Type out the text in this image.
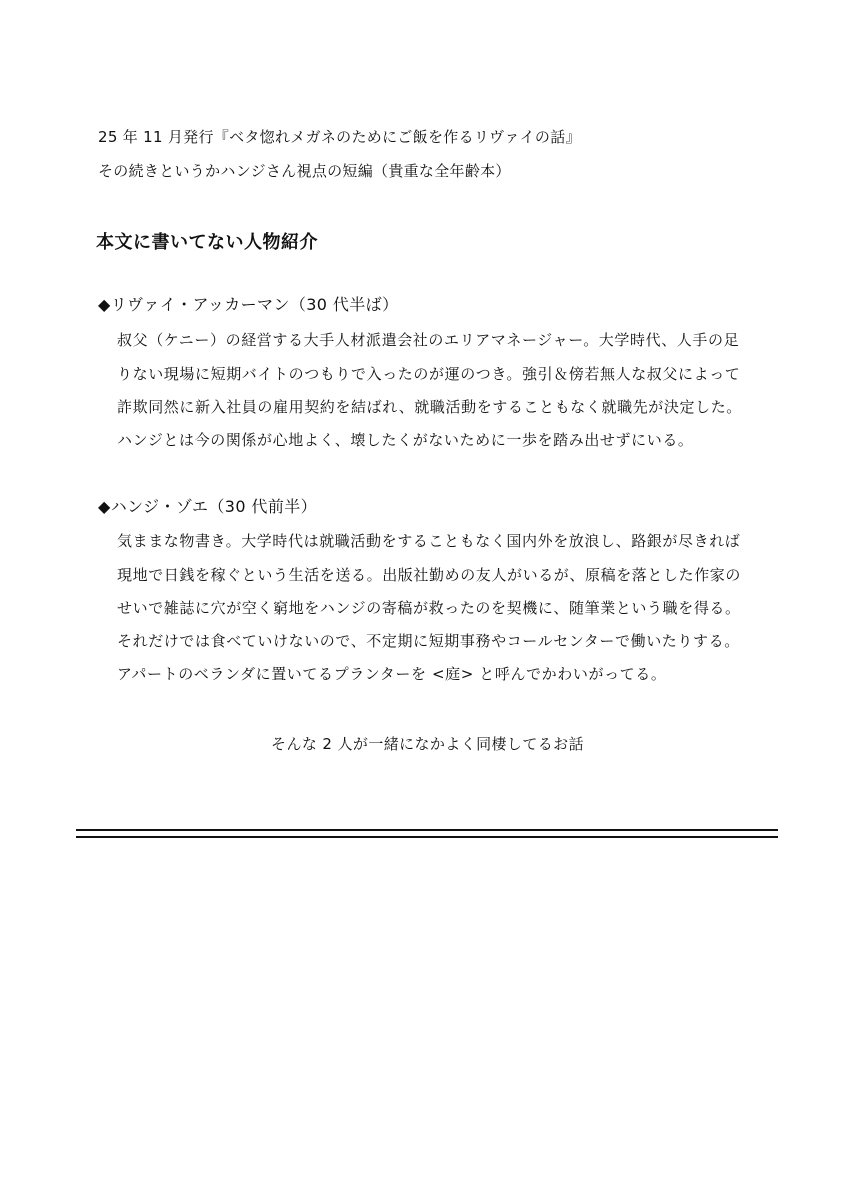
25 年 11 月発行『ベタ惚れメガネのためにご飯を作るリヴァイの話』
その続きというかハンジさん視点の短編（貴重な全年齢本）
本文に書いてない人物紹介
◆リヴァイ・アッカーマン（30 代半ば）
叔父（ケニー）の経営する大手人材派遣会社のエリアマネージャー。大学時代、人手の足
りない現場に短期バイトのつもりで入ったのが運のつき。強引＆傍若無人な叔父によって
詐欺同然に新入社員の雇用契約を結ばれ、就職活動をすることもなく就職先が決定した。
ハンジとは今の関係が心地よく、壊したくがないために一歩を踏み出せずにいる。
◆ハンジ・ゾエ（30 代前半）
気ままな物書き。大学時代は就職活動をすることもなく国内外を放浪し、路銀が尽きれば
現地で日銭を稼ぐという生活を送る。出版社勤めの友人がいるが、原稿を落とした作家の
せいで雑誌に穴が空く窮地をハンジの寄稿が救ったのを契機に、随筆業という職を得る。
それだけでは食べていけないので、不定期に短期事務やコールセンターで働いたりする。
アパートのベランダに置いてるプランターを <庭> と呼んでかわいがってる。
そんな 2 人が一緒になかよく同棲してるお話
